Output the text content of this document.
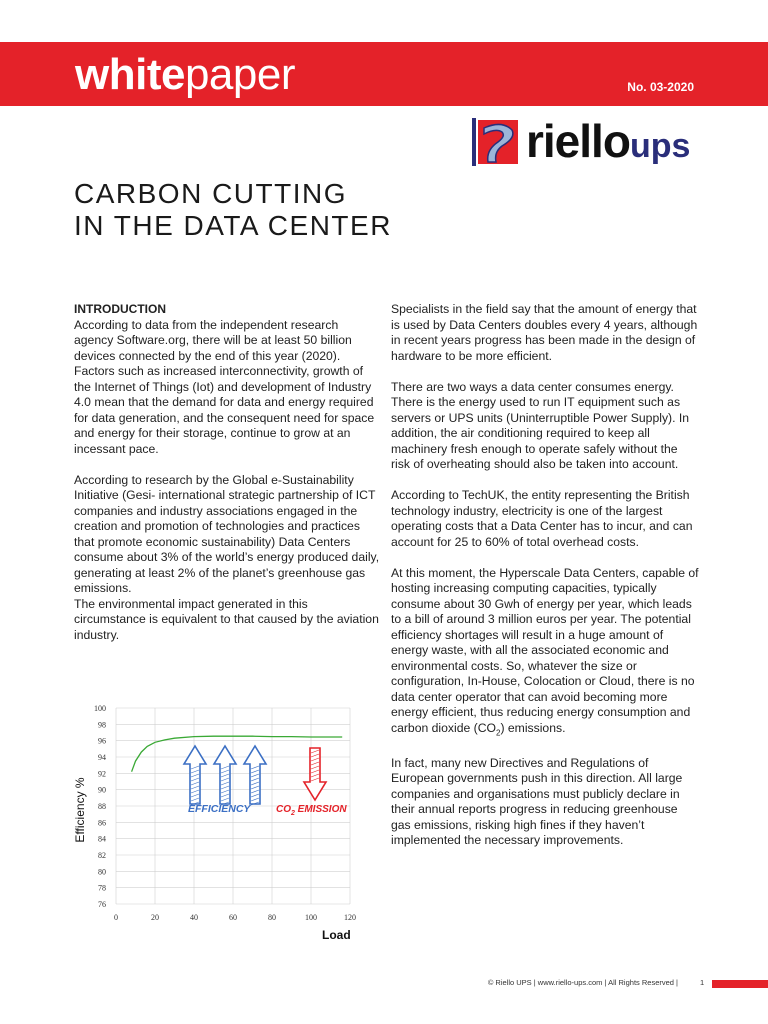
whitepaper	No. 03-2020
riello ups
CARBON CUTTING
IN THE DATA CENTER
INTRODUCTION

According to data from the independent research agency Software.org, there will be at least 50 billion devices connected by the end of this year (2020). Factors such as increased interconnectivity, growth of the Internet of Things (Iot) and development of Industry 4.0 mean that the demand for data and energy required for data generation, and the consequent need for space and energy for their storage, continue to grow at an incessant pace.

According to research by the Global e-Sustainability Initiative (Gesi- international strategic partnership of ICT companies and industry associations engaged in the creation and promotion of technologies and practices that promote economic sustainability) Data Centers consume about 3% of the world’s energy produced daily, generating at least 2% of the planet’s greenhouse gas emissions.

The environmental impact generated in this circumstance is equivalent to that caused by the aviation industry.

Specialists in the field say that the amount of energy that is used by Data Centers doubles every 4 years, although in recent years progress has been made in the design of hardware to be more efficient.

There are two ways a data center consumes energy. There is the energy used to run IT equipment such as servers or UPS units (Uninterruptible Power Supply). In addition, the air conditioning required to keep all machinery fresh enough to operate safely without the risk of overheating should also be taken into account.

According to TechUK, the entity representing the British technology industry, electricity is one of the largest operating costs that a Data Center has to incur, and can account for 25 to 60% of total overhead costs.

At this moment, the Hyperscale Data Centers, capable of hosting increasing computing capacities, typically consume about 30 Gwh of energy per year, which leads to a bill of around 3 million euros per year. The potential efficiency shortages will result in a huge amount of energy waste, with all the associated economic and environmental costs. So, whatever the size or configuration, In-House, Colocation or Cloud, there is no data center operator that can avoid becoming more energy efficient, thus reducing energy consumption and carbon dioxide $(CO_2)$ emissions.

In fact, many new Directives and Regulations of European governments push in this direction. All large companies and organisations must publicly declare in their annual reports progress in reducing greenhouse gas emissions, risking high fines if they haven’t implemented the necessary improvements.

76
78
80
82
84
86
88
90
92
94
96
98
100
0	20	40	60	80	100	120
Efficiency %
Load
EFFICIENCY	$CO_2$ EMISSION
© Riello UPS | www.riello-ups.com | All Rights Reserved |	1
